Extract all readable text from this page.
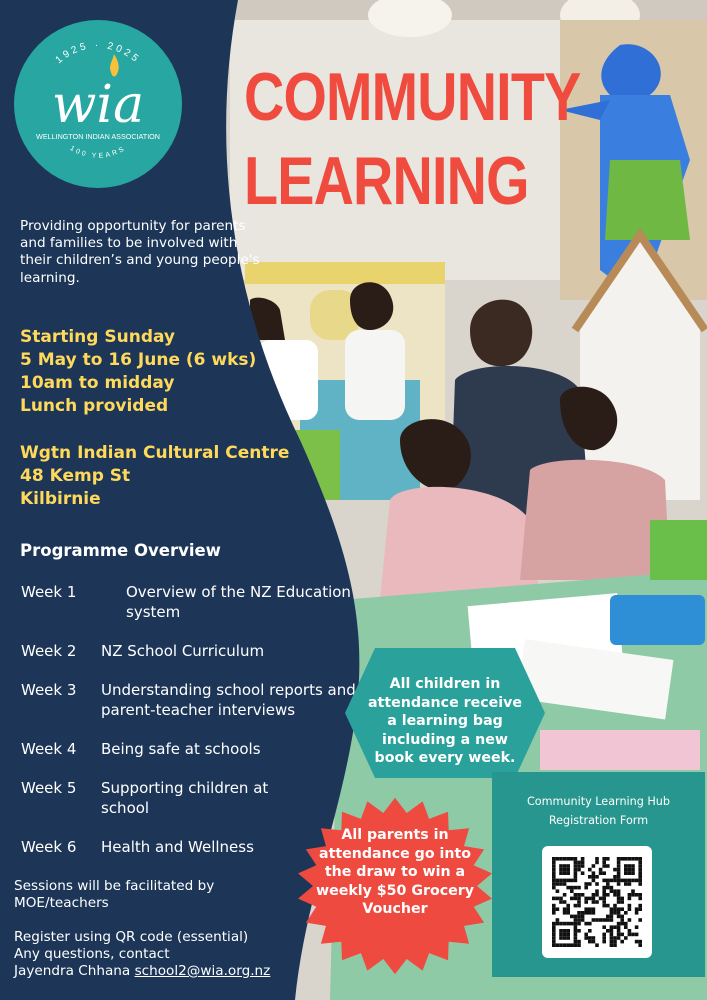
1925 · 2025
wia
WELLINGTON INDIAN ASSOCIATION
100 YEARS
COMMUNITY
LEARNING

Providing opportunity for parents and families to be involved with their children’s and young people's learning.

Starting Sunday
5 May to 16 June (6 wks)
10am to midday
Lunch provided
Wgtn Indian Cultural Centre
48 Kemp St
Kilbirnie
Programme Overview
Week 1	Overview of the NZ Education system
Week 2	NZ School Curriculum
Week 3	Understanding school reports and parent-teacher interviews
Week 4	Being safe at schools
Week 5	Supporting children at school
Week 6	Health and Wellness

Sessions will be facilitated by MOE/teachers

Register using QR code (essential)
Any questions, contact
Jayendra Chhana school2@wia.org.nz
All children in attendance receive a learning bag including a new book every week.
All parents in attendance go into the draw to win a weekly $50 Grocery Voucher
Community Learning Hub
Registration Form
